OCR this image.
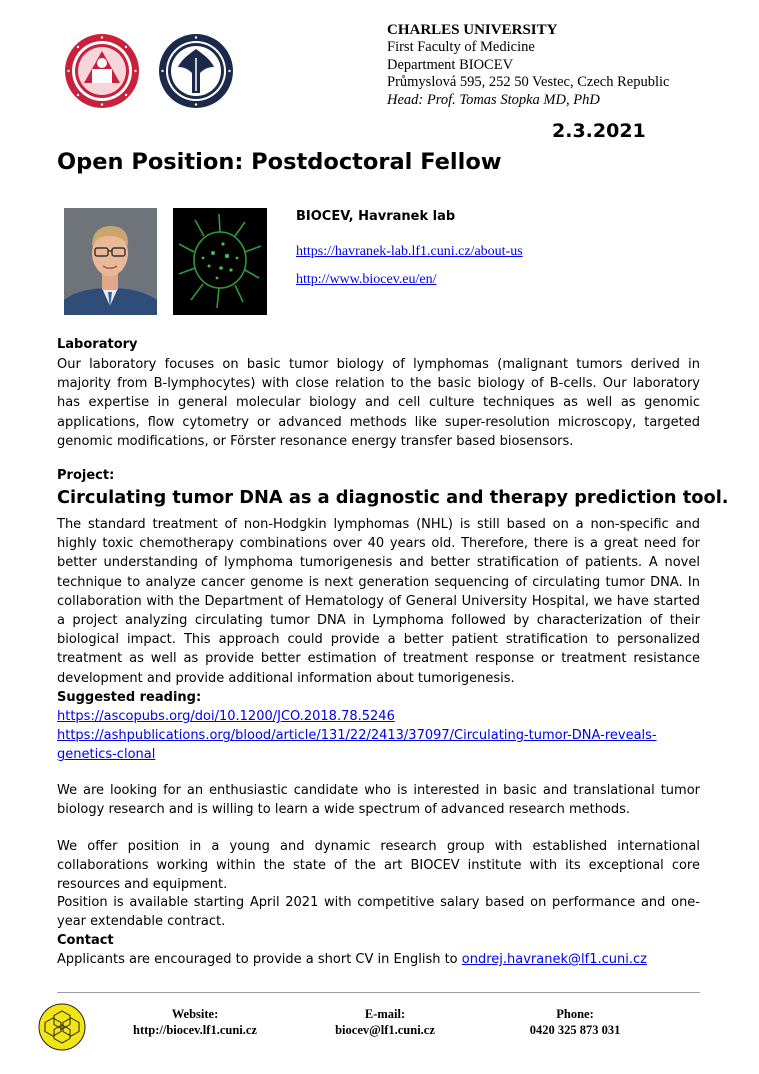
CHARLES UNIVERSITY
First Faculty of Medicine
Department BIOCEV
Průmyslová 595, 252 50 Vestec, Czech Republic
Head: Prof. Tomas Stopka MD, PhD
2.3.2021
Open Position: Postdoctoral Fellow
BIOCEV, Havranek lab
https://havranek-lab.lf1.cuni.cz/about-us
http://www.biocev.eu/en/

Laboratory

Our laboratory focuses on basic tumor biology of lymphomas (malignant tumors derived in majority from B-lymphocytes) with close relation to the basic biology of B-cells. Our laboratory has expertise in general molecular biology and cell culture techniques as well as genomic applications, flow cytometry or advanced methods like super-resolution microscopy, targeted genomic modifications, or Förster resonance energy transfer based biosensors.

Project:

Circulating tumor DNA as a diagnostic and therapy prediction tool.

The standard treatment of non-Hodgkin lymphomas (NHL) is still based on a non-specific and highly toxic chemotherapy combinations over 40 years old. Therefore, there is a great need for better understanding of lymphoma tumorigenesis and better stratification of patients. A novel technique to analyze cancer genome is next generation sequencing of circulating tumor DNA. In collaboration with the Department of Hematology of General University Hospital, we have started a project analyzing circulating tumor DNA in Lymphoma followed by characterization of their biological impact. This approach could provide a better patient stratification to personalized treatment as well as provide better estimation of treatment response or treatment resistance development and provide additional information about tumorigenesis.

Suggested reading:

https://ascopubs.org/doi/10.1200/JCO.2018.78.5246
https://ashpublications.org/blood/article/131/22/2413/37097/Circulating-tumor-DNA-reveals-
genetics-clonal

We are looking for an enthusiastic candidate who is interested in basic and translational tumor biology research and is willing to learn a wide spectrum of advanced research methods.

We offer position in a young and dynamic research group with established international collaborations working within the state of the art BIOCEV institute with its exceptional core resources and equipment.

Position is available starting April 2021 with competitive salary based on performance and one-year extendable contract.

Contact

Applicants are encouraged to provide a short CV in English to ondrej.havranek@lf1.cuni.cz

Website:
http://biocev.lf1.cuni.cz
E-mail:
biocev@lf1.cuni.cz
Phone:
0420 325 873 031
